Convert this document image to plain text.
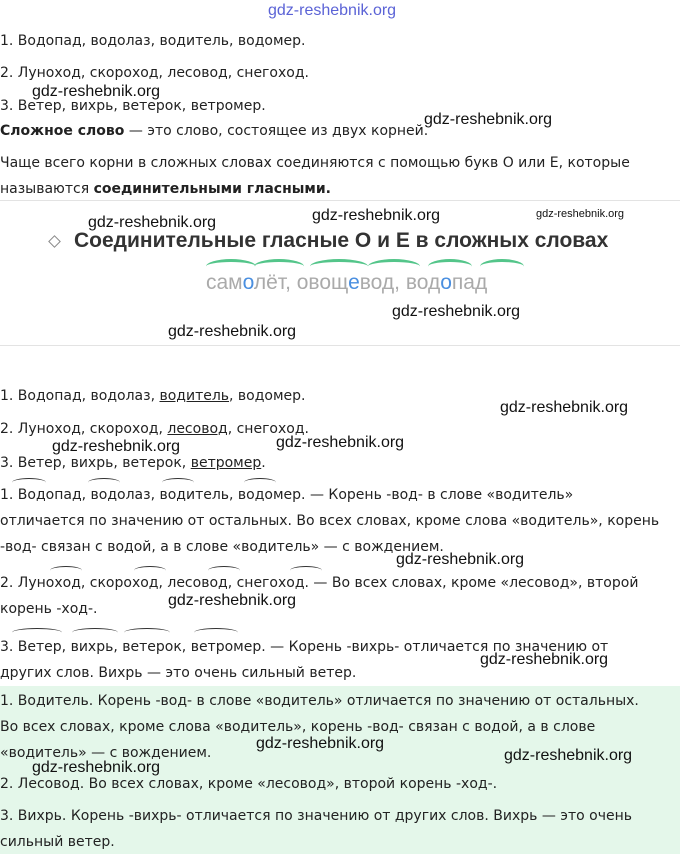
gdz-reshebnik.org
1. Водопад, водолаз, водитель, водомер.
2. Луноход, скороход, лесовод, снегоход.
3. Ветер, вихрь, ветерок, ветромер.
gdz-reshebnik.org
Сложное слово — это слово, состоящее из двух корней.
gdz-reshebnik.org
Чаще всего корни в сложных словах соединяются с помощью букв О или Е, которые называются соединительными гласными.
Соединительные гласные О и Е в сложных словах
самолёт, овощевод, водопад
gdz-reshebnik.org	gdz-reshebnik.org	gdz-reshebnik.org
gdz-reshebnik.org
gdz-reshebnik.org
1. Водопад, водолаз, водитель, водомер.
2. Луноход, скороход, лесовод, снегоход.
3. Ветер, вихрь, ветерок, ветромер.
gdz-reshebnik.org
gdz-reshebnik.org	gdz-reshebnik.org
1. Водопад, водолаз, водитель, водомер. — Корень -вод- в слове «водитель» отличается по значению от остальных. Во всех словах, кроме слова «водитель», корень -вод- связан с водой, а в слове «водитель» — с вождением.
2. Луноход, скороход, лесовод, снегоход. — Во всех словах, кроме «лесовод», второй корень -ход-.
gdz-reshebnik.org
gdz-reshebnik.org
3. Ветер, вихрь, ветерок, ветромер. — Корень -вихрь- отличается по значению от других слов. Вихрь — это очень сильный ветер.
gdz-reshebnik.org
1. Водитель. Корень -вод- в слове «водитель» отличается по значению от остальных. Во всех словах, кроме слова «водитель», корень -вод- связан с водой, а в слове «водитель» — с вождением.
2. Лесовод. Во всех словах, кроме «лесовод», второй корень -ход-.
3. Вихрь. Корень -вихрь- отличается по значению от других слов. Вихрь — это очень сильный ветер.
gdz-reshebnik.org
gdz-reshebnik.org
gdz-reshebnik.org
